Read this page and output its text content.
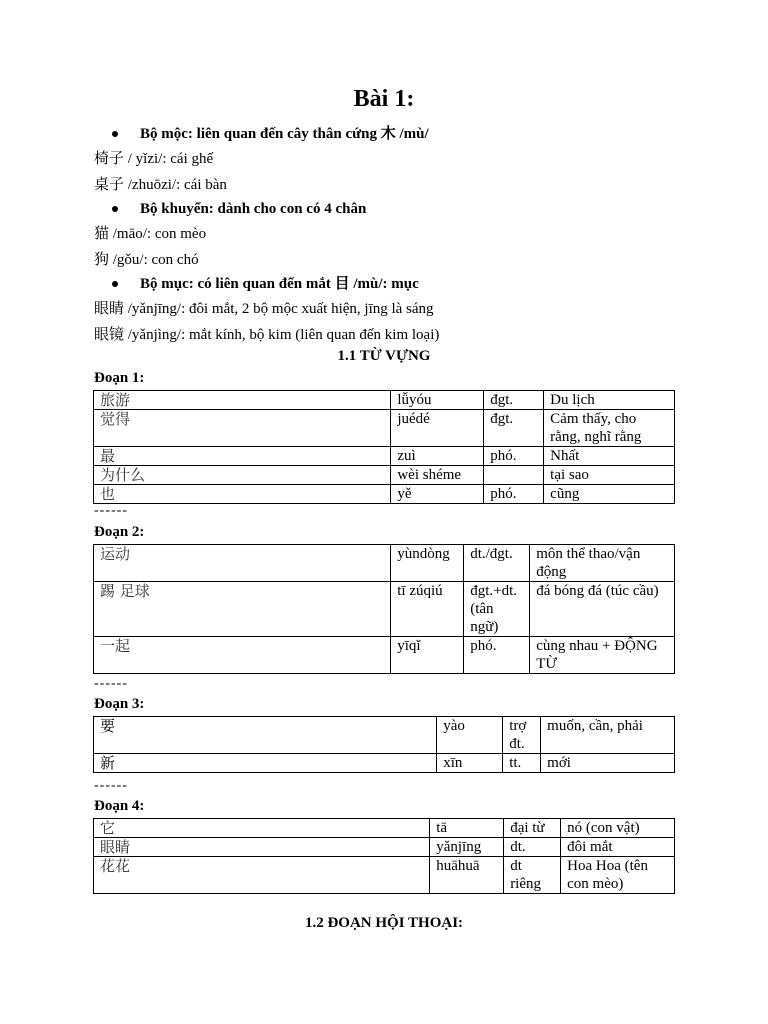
Bài 1:
Bộ mộc: liên quan đến cây thân cứng 木 /mù/
椅子 / yǐzi/: cái ghế
桌子 /zhuōzi/: cái bàn
Bộ khuyển: dành cho con có 4 chân
猫 /māo/: con mèo
狗 /gǒu/: con chó
Bộ mục: có liên quan đến mắt 目 /mù/: mục
眼睛 /yǎnjīng/: đôi mắt, 2 bộ mộc xuất hiện, jīng là sáng
眼镜 /yǎnjìng/: mắt kính, bộ kim (liên quan đến kim loại)
1.1 TỪ VỰNG
Đoạn 1:
旅游	lǚyóu	đgt.	Du lịch
觉得	juédé	đgt.	Cảm thấy, cho rằng, nghĩ rằng
最	zuì	phó.	Nhất
为什么	wèi shéme		tại sao
也	yě	phó.	cũng
------
Đoạn 2:
运动	yùndòng	dt./đgt.	môn thể thao/vận động
踢 足球	tī zúqiú	đgt.+dt. (tân ngữ)	đá bóng đá (túc cầu)
一起	yīqǐ	phó.	cùng nhau + ĐỘNG TỪ
------
Đoạn 3:
要	yào	trợ đt.	muốn, cần, phải
新	xīn	tt.	mới
------
Đoạn 4:
它	tā	đại từ	nó (con vật)
眼睛	yǎnjīng	dt.	đôi mắt
花花	huāhuā	dt riêng	Hoa Hoa (tên con mèo)
1.2 ĐOẠN HỘI THOẠI:
